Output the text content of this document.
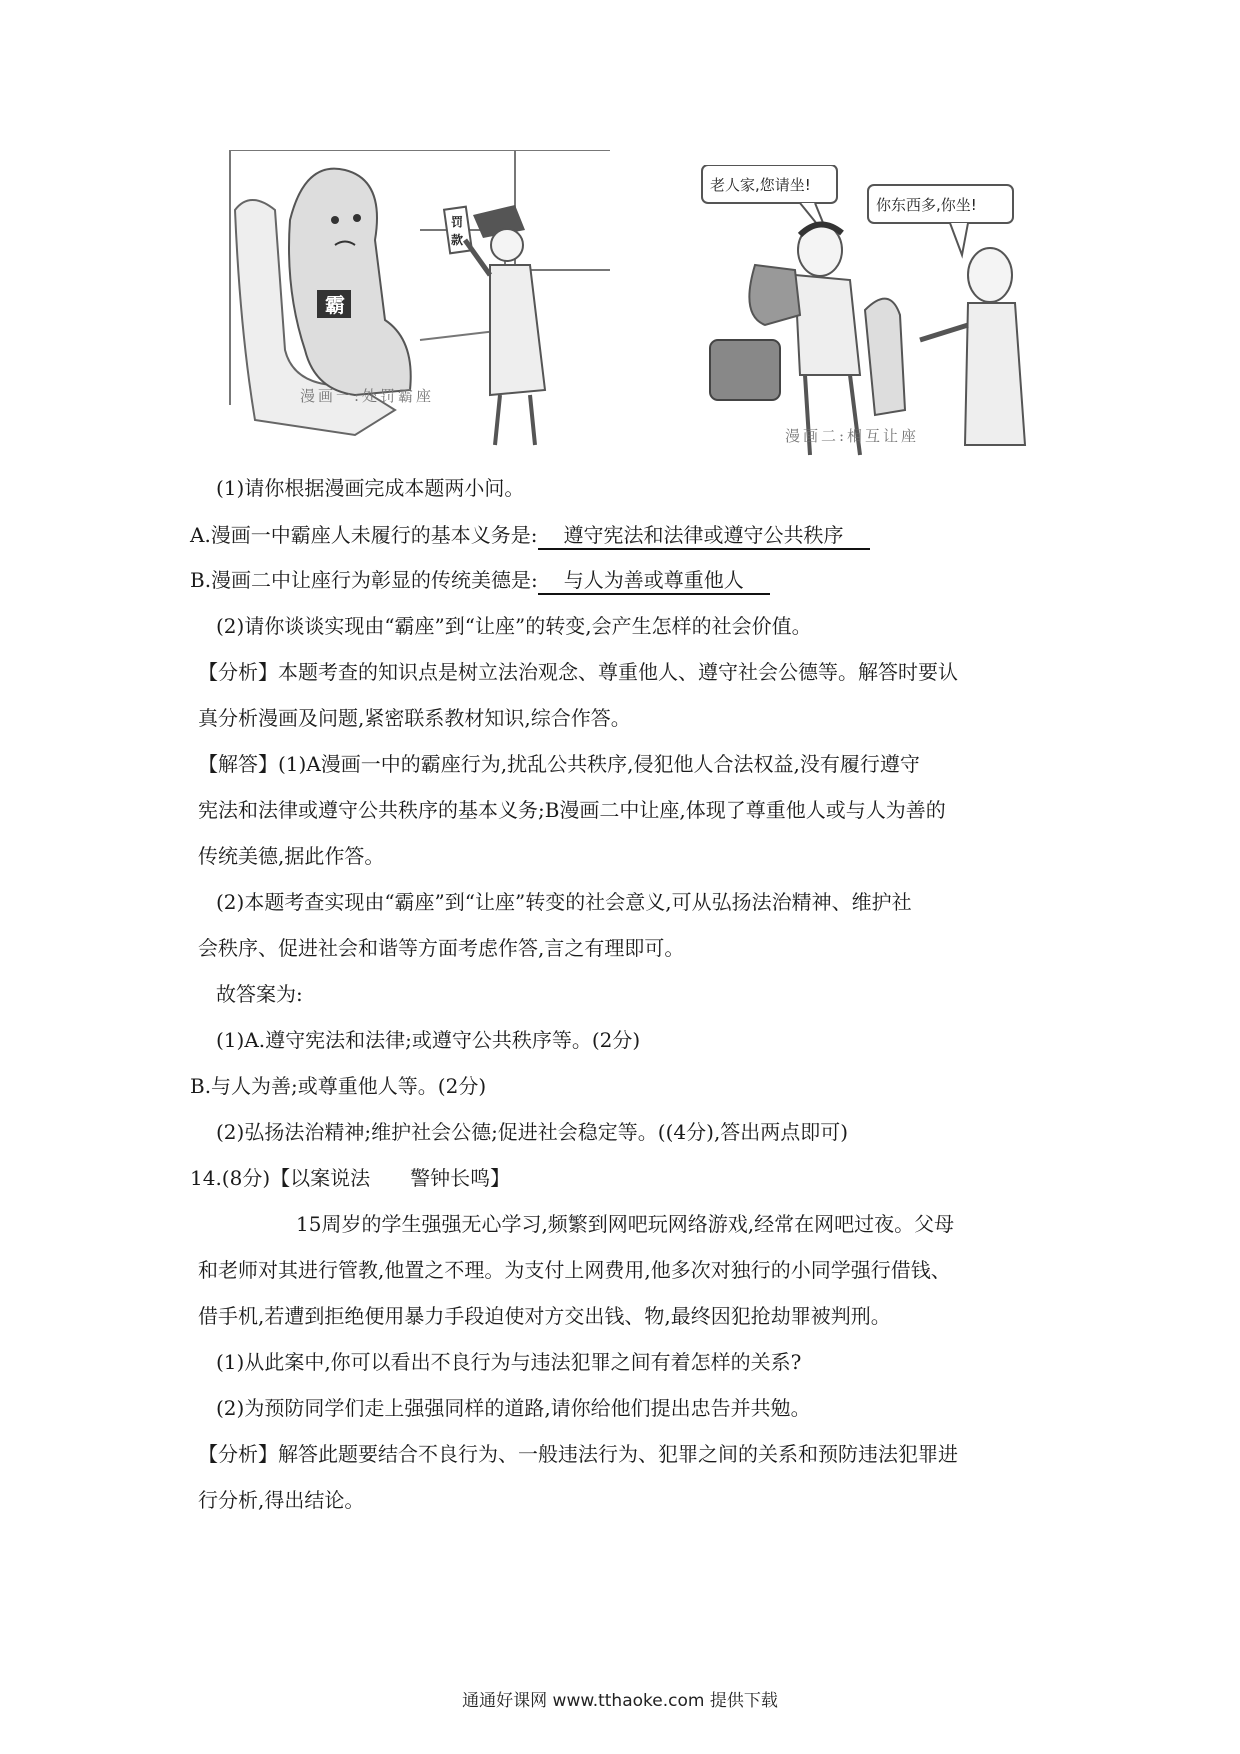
霸
罚
款
漫画一:处罚霸座
老人家,您请坐!
你东西多,你坐!
漫画二:相互让座
(1)请你根据漫画完成本题两小问。
A.漫画一中霸座人未履行的基本义务是: 遵守宪法和法律或遵守公共秩序
B.漫画二中让座行为彰显的传统美德是: 与人为善或尊重他人
(2)请你谈谈实现由“霸座”到“让座”的转变,会产生怎样的社会价值。
【分析】本题考查的知识点是树立法治观念、尊重他人、遵守社会公德等。解答时要认
真分析漫画及问题,紧密联系教材知识,综合作答。
【解答】(1)A漫画一中的霸座行为,扰乱公共秩序,侵犯他人合法权益,没有履行遵守
宪法和法律或遵守公共秩序的基本义务;B漫画二中让座,体现了尊重他人或与人为善的
传统美德,据此作答。
(2)本题考查实现由“霸座”到“让座”转变的社会意义,可从弘扬法治精神、维护社
会秩序、促进社会和谐等方面考虑作答,言之有理即可。
故答案为:
(1)A.遵守宪法和法律;或遵守公共秩序等。(2分)
B.与人为善;或尊重他人等。(2分)
(2)弘扬法治精神;维护社会公德;促进社会稳定等。((4分),答出两点即可)
14.(8分)【以案说法　　警钟长鸣】
15周岁的学生强强无心学习,频繁到网吧玩网络游戏,经常在网吧过夜。父母
和老师对其进行管教,他置之不理。为支付上网费用,他多次对独行的小同学强行借钱、
借手机,若遭到拒绝便用暴力手段迫使对方交出钱、物,最终因犯抢劫罪被判刑。
(1)从此案中,你可以看出不良行为与违法犯罪之间有着怎样的关系?
(2)为预防同学们走上强强同样的道路,请你给他们提出忠告并共勉。
【分析】解答此题要结合不良行为、一般违法行为、犯罪之间的关系和预防违法犯罪进
行分析,得出结论。
通通好课网 www.tthaoke.com 提供下载
